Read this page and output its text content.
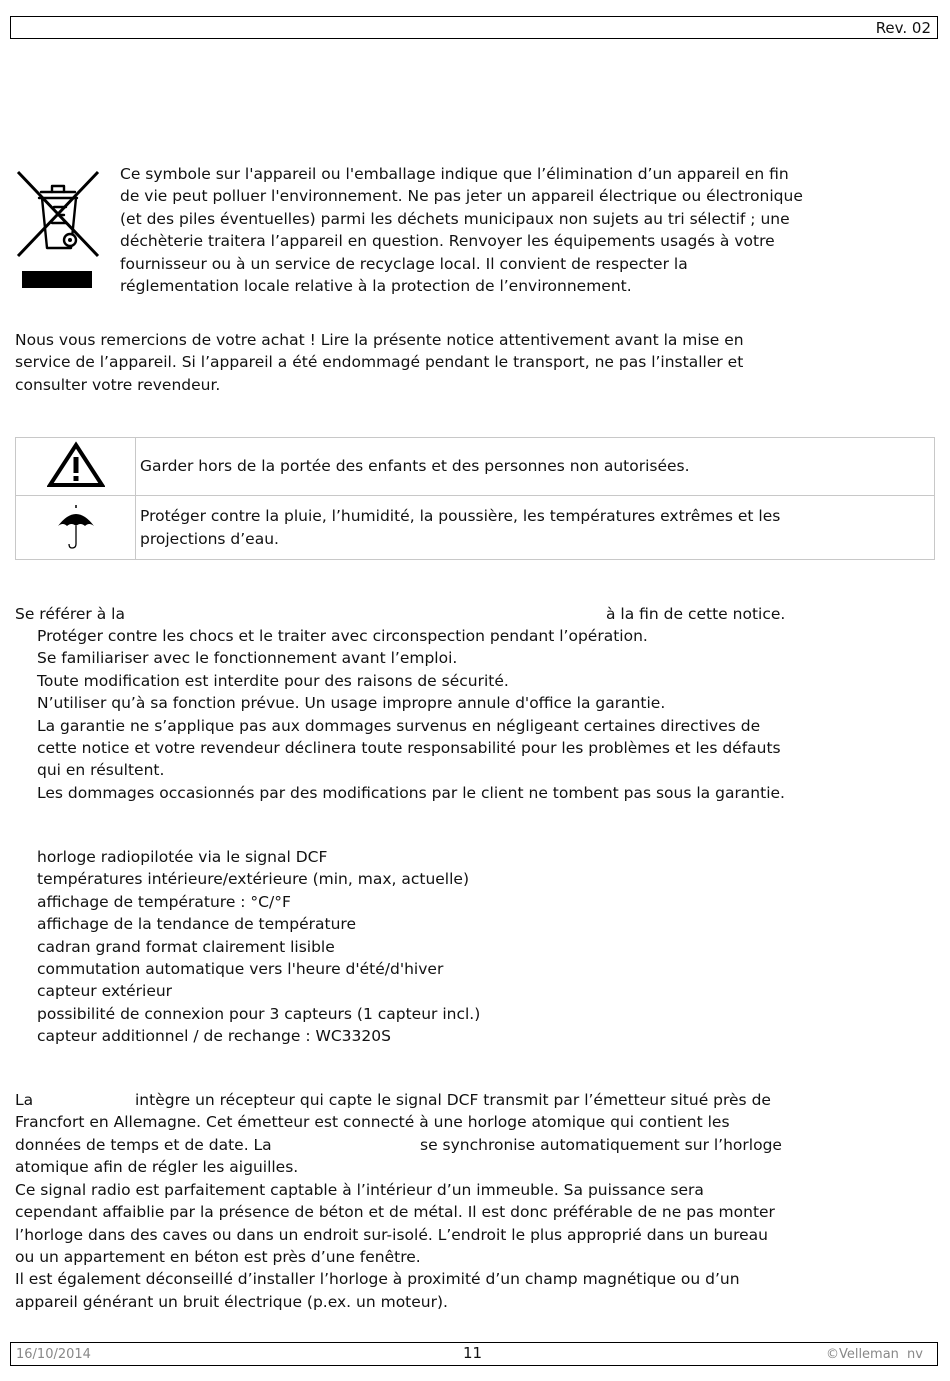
Rev. 02

Ce symbole sur l'appareil ou l'emballage indique que l’élimination d’un appareil en fin

de vie peut polluer l'environnement. Ne pas jeter un appareil électrique ou électronique

(et des piles éventuelles) parmi les déchets municipaux non sujets au tri sélectif ; une

déchèterie traitera l’appareil en question. Renvoyer les équipements usagés à votre

fournisseur ou à un service de recyclage local. Il convient de respecter la

réglementation locale relative à la protection de l’environnement.

Nous vous remercions de votre achat ! Lire la présente notice attentivement avant la mise en

service de l’appareil. Si l’appareil a été endommagé pendant le transport, ne pas l’installer et

consulter votre revendeur.

Garder hors de la portée des enfants et des personnes non autorisées.

Protéger contre la pluie, l’humidité, la poussière, les températures extrêmes et les
projections d’eau.
Se référer à la	à la fin de cette notice.
Protéger contre les chocs et le traiter avec circonspection pendant l’opération.
Se familiariser avec le fonctionnement avant l’emploi.
Toute modification est interdite pour des raisons de sécurité.
N’utiliser qu’à sa fonction prévue. Un usage impropre annule d'office la garantie.
La garantie ne s’applique pas aux dommages survenus en négligeant certaines directives de
cette notice et votre revendeur déclinera toute responsabilité pour les problèmes et les défauts
qui en résultent.
Les dommages occasionnés par des modifications par le client ne tombent pas sous la garantie.
horloge radiopilotée via le signal DCF
températures intérieure/extérieure (min, max, actuelle)
affichage de température : °C/°F
affichage de la tendance de température
cadran grand format clairement lisible
commutation automatique vers l'heure d'été/d'hiver
capteur extérieur
possibilité de connexion pour 3 capteurs (1 capteur incl.)
capteur additionnel / de rechange : WC3320S
La	intègre un récepteur qui capte le signal DCF transmit par l’émetteur situé près de
Francfort en Allemagne. Cet émetteur est connecté à une horloge atomique qui contient les
données de temps et de date. La	se synchronise automatiquement sur l’horloge
atomique afin de régler les aiguilles.
Ce signal radio est parfaitement captable à l’intérieur d’un immeuble. Sa puissance sera
cependant affaiblie par la présence de béton et de métal. Il est donc préférable de ne pas monter
l’horloge dans des caves ou dans un endroit sur-isolé. L’endroit le plus approprié dans un bureau
ou un appartement en béton est près d’une fenêtre.
Il est également déconseillé d’installer l’horloge à proximité d’un champ magnétique ou d’un
appareil générant un bruit électrique (p.ex. un moteur).
16/10/2014	11	©Velleman nv
